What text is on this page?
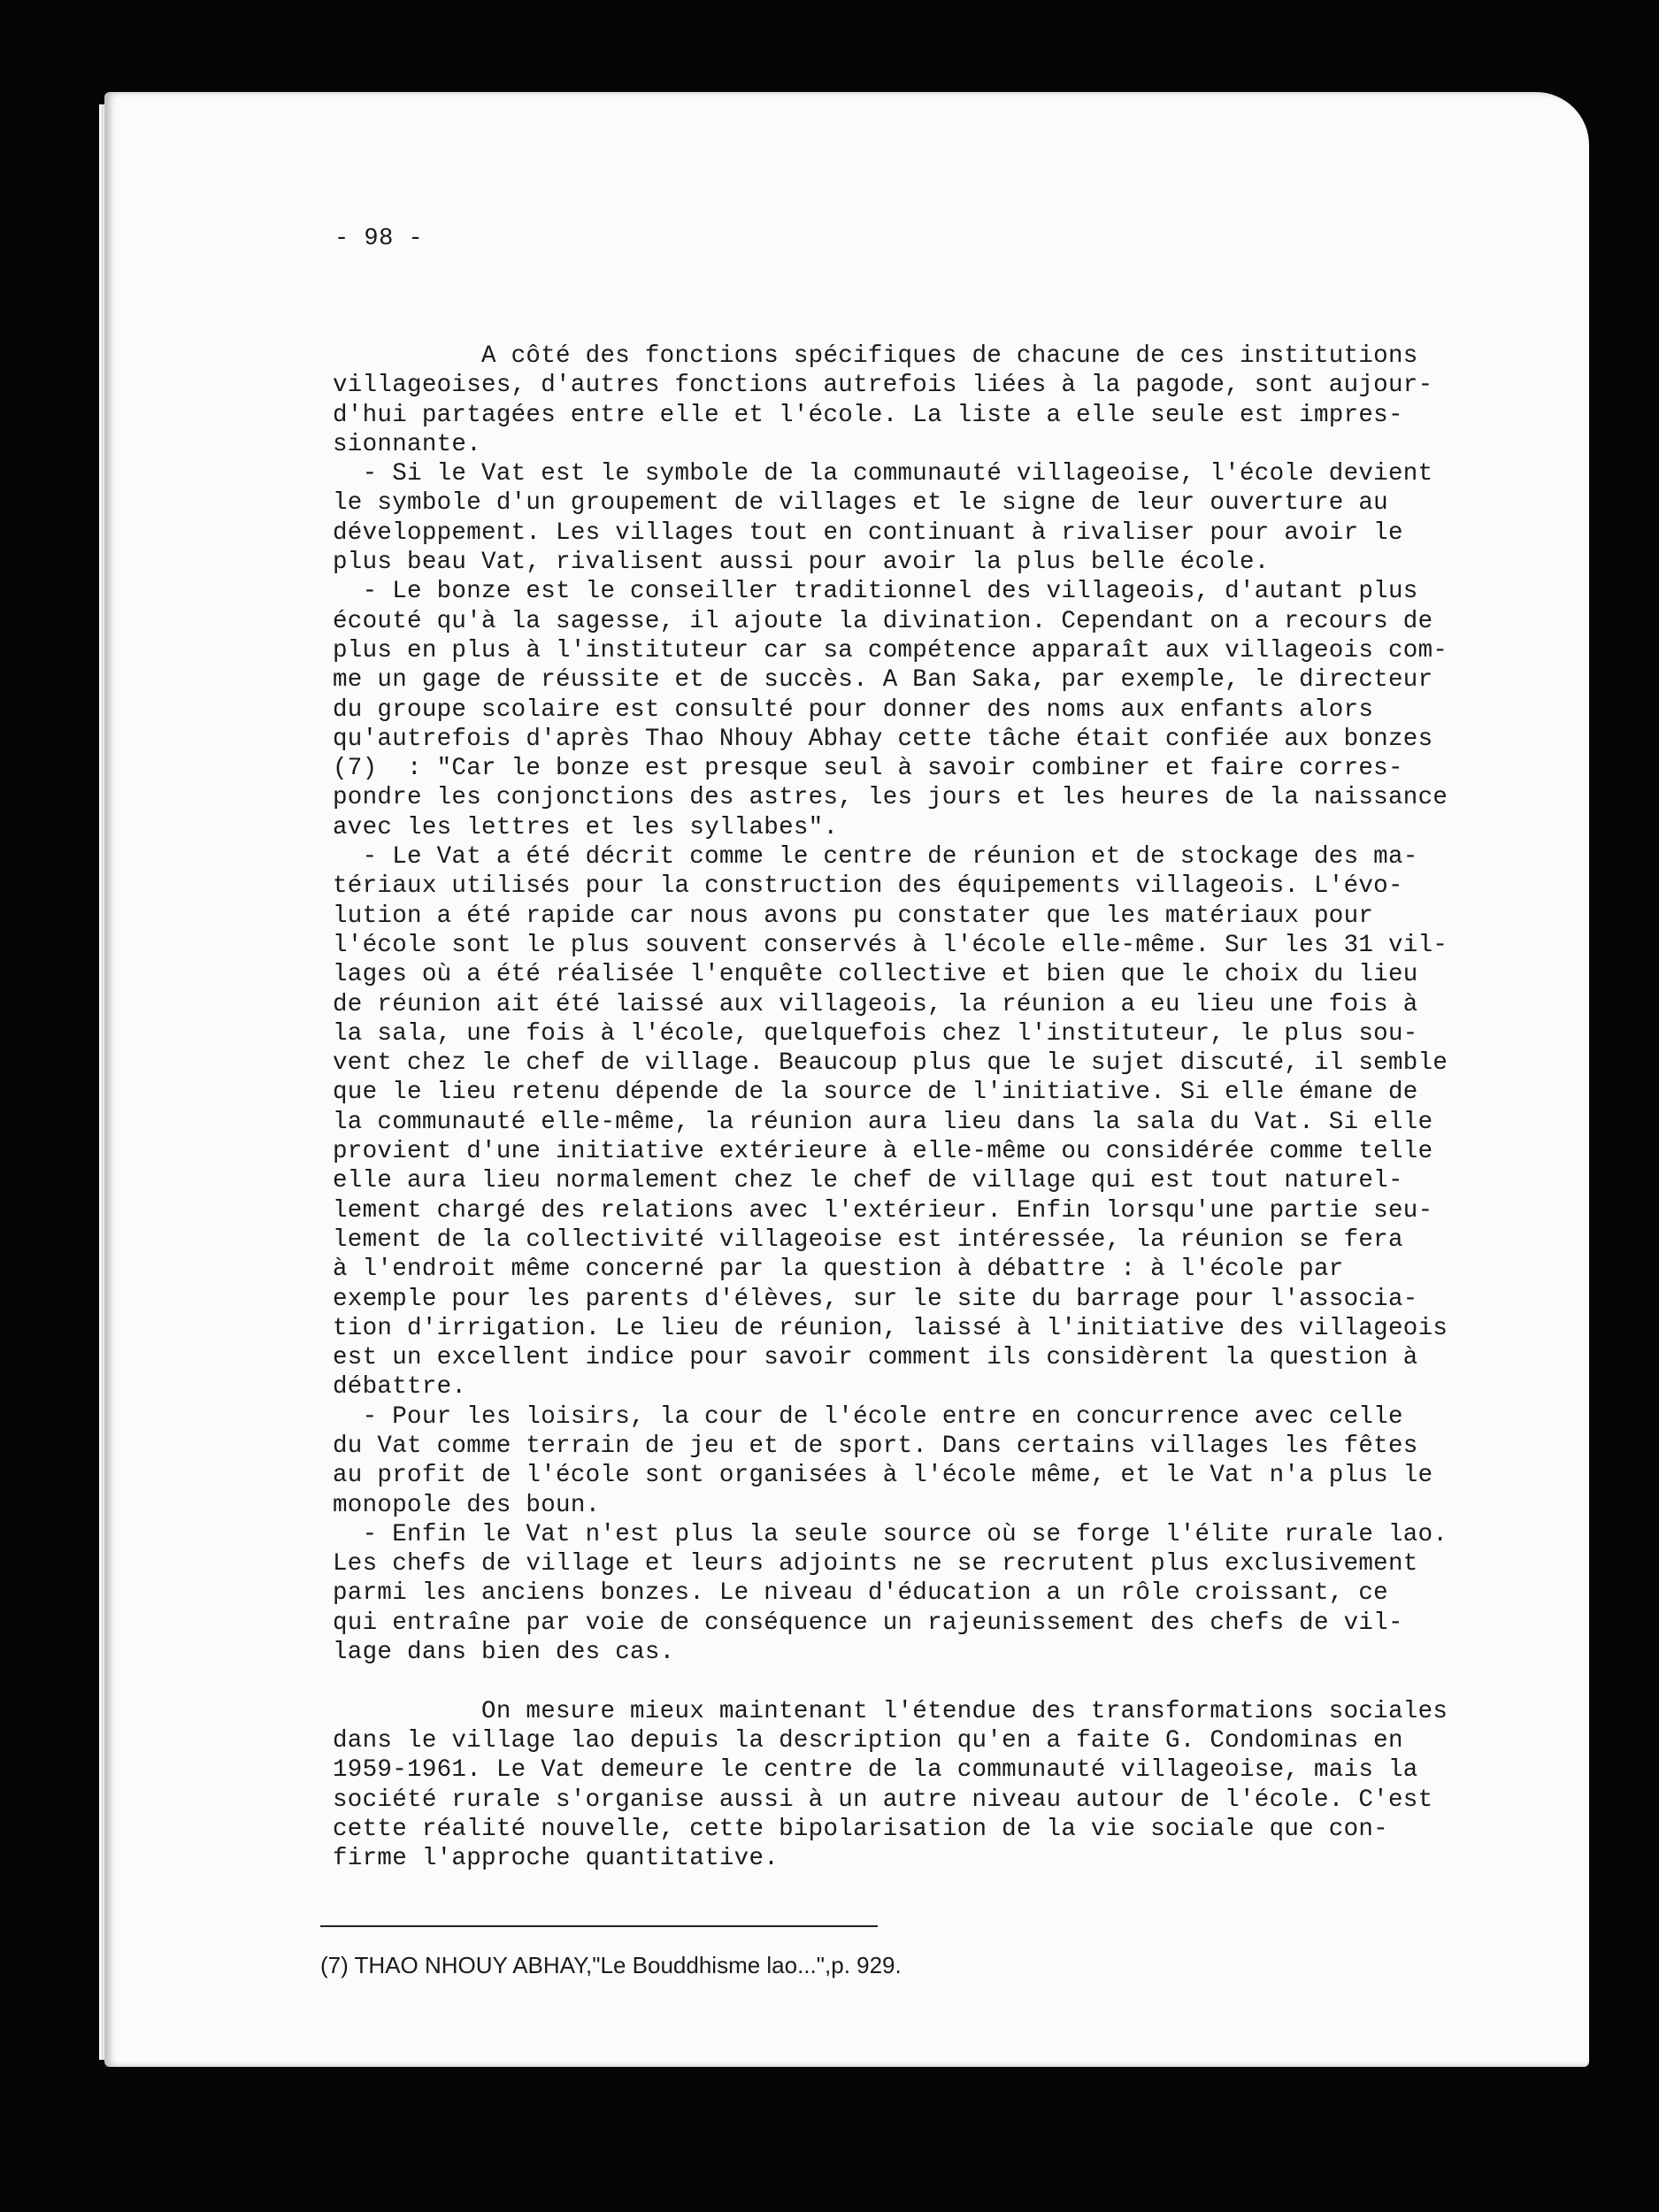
- 98 -
A côté des fonctions spécifiques de chacune de ces institutions
villageoises, d'autres fonctions autrefois liées à la pagode, sont aujour-
d'hui partagées entre elle et l'école. La liste a elle seule est impres-
sionnante.
- Si le Vat est le symbole de la communauté villageoise, l'école devient
le symbole d'un groupement de villages et le signe de leur ouverture au
développement. Les villages tout en continuant à rivaliser pour avoir le
plus beau Vat, rivalisent aussi pour avoir la plus belle école.
- Le bonze est le conseiller traditionnel des villageois, d'autant plus
écouté qu'à la sagesse, il ajoute la divination. Cependant on a recours de
plus en plus à l'instituteur car sa compétence apparaît aux villageois com-
me un gage de réussite et de succès. A Ban Saka, par exemple, le directeur
du groupe scolaire est consulté pour donner des noms aux enfants alors
qu'autrefois d'après Thao Nhouy Abhay cette tâche était confiée aux bonzes
(7)  : "Car le bonze est presque seul à savoir combiner et faire corres-
pondre les conjonctions des astres, les jours et les heures de la naissance
avec les lettres et les syllabes".
- Le Vat a été décrit comme le centre de réunion et de stockage des ma-
tériaux utilisés pour la construction des équipements villageois. L'évo-
lution a été rapide car nous avons pu constater que les matériaux pour
l'école sont le plus souvent conservés à l'école elle-même. Sur les 31 vil-
lages où a été réalisée l'enquête collective et bien que le choix du lieu
de réunion ait été laissé aux villageois, la réunion a eu lieu une fois à
la sala, une fois à l'école, quelquefois chez l'instituteur, le plus sou-
vent chez le chef de village. Beaucoup plus que le sujet discuté, il semble
que le lieu retenu dépende de la source de l'initiative. Si elle émane de
la communauté elle-même, la réunion aura lieu dans la sala du Vat. Si elle
provient d'une initiative extérieure à elle-même ou considérée comme telle
elle aura lieu normalement chez le chef de village qui est tout naturel-
lement chargé des relations avec l'extérieur. Enfin lorsqu'une partie seu-
lement de la collectivité villageoise est intéressée, la réunion se fera
à l'endroit même concerné par la question à débattre : à l'école par
exemple pour les parents d'élèves, sur le site du barrage pour l'associa-
tion d'irrigation. Le lieu de réunion, laissé à l'initiative des villageois
est un excellent indice pour savoir comment ils considèrent la question à
débattre.
- Pour les loisirs, la cour de l'école entre en concurrence avec celle
du Vat comme terrain de jeu et de sport. Dans certains villages les fêtes
au profit de l'école sont organisées à l'école même, et le Vat n'a plus le
monopole des boun.
- Enfin le Vat n'est plus la seule source où se forge l'élite rurale lao.
Les chefs de village et leurs adjoints ne se recrutent plus exclusivement
parmi les anciens bonzes. Le niveau d'éducation a un rôle croissant, ce
qui entraîne par voie de conséquence un rajeunissement des chefs de vil-
lage dans bien des cas.
On mesure mieux maintenant l'étendue des transformations sociales
dans le village lao depuis la description qu'en a faite G. Condominas en
1959-1961. Le Vat demeure le centre de la communauté villageoise, mais la
société rurale s'organise aussi à un autre niveau autour de l'école. C'est
cette réalité nouvelle, cette bipolarisation de la vie sociale que con-
firme l'approche quantitative.
(7) THAO NHOUY ABHAY,"Le Bouddhisme lao...",p. 929.
